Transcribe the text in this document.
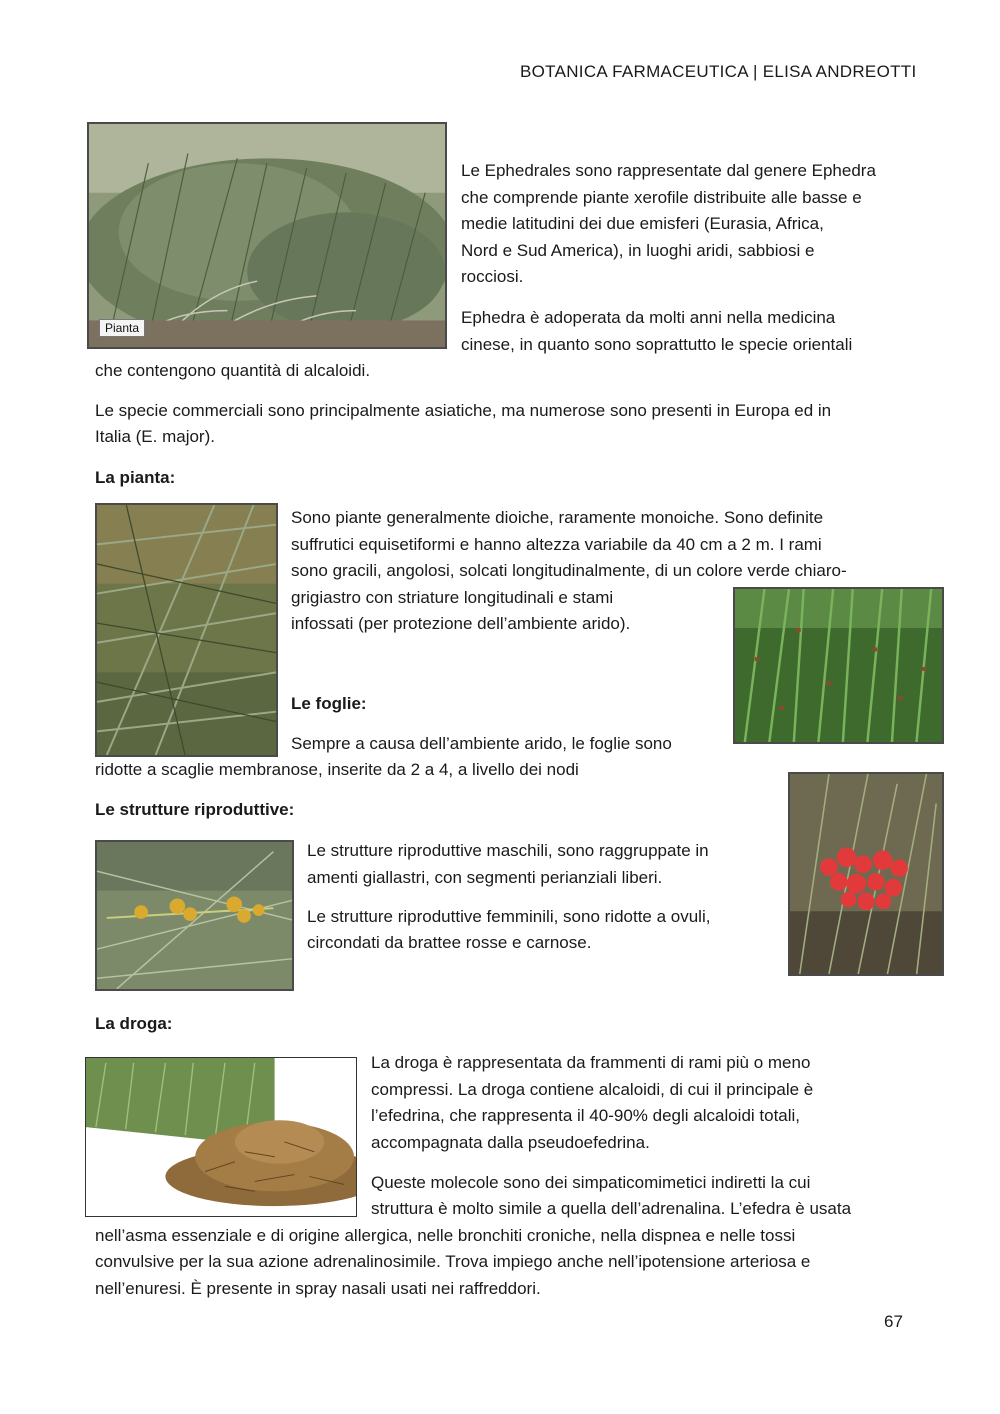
BOTANICA FARMACEUTICA | ELISA ANDREOTTI
Pianta
Le Ephedrales sono rappresentate dal genere Ephedra
che comprende piante xerofile distribuite alle basse e
medie latitudini dei due emisferi (Eurasia, Africa,
Nord e Sud America), in luoghi aridi, sabbiosi e
rocciosi.
Ephedra è adoperata da molti anni nella medicina
cinese, in quanto sono soprattutto le specie orientali
che contengono quantità di alcaloidi.
Le specie commerciali sono principalmente asiatiche, ma numerose sono presenti in Europa ed in
Italia (E. major).
La pianta:
Sono piante generalmente dioiche, raramente monoiche. Sono definite
suffrutici equisetiformi e hanno altezza variabile da 40 cm a 2 m. I rami
sono gracili, angolosi, solcati longitudinalmente, di un colore verde chiaro-
grigiastro con striature longitudinali e stami
infossati (per protezione dell’ambiente arido).
Le foglie:
Sempre a causa dell’ambiente arido, le foglie sono
ridotte a scaglie membranose, inserite da 2 a 4, a livello dei nodi
Le strutture riproduttive:
Le strutture riproduttive maschili, sono raggruppate in
amenti giallastri, con segmenti perianziali liberi.
Le strutture riproduttive femminili, sono ridotte a ovuli,
circondati da brattee rosse e carnose.
La droga:
La droga è rappresentata da frammenti di rami più o meno
compressi. La droga contiene alcaloidi, di cui il principale è
l’efedrina, che rappresenta il 40-90% degli alcaloidi totali,
accompagnata dalla pseudoefedrina.
Queste molecole sono dei simpaticomimetici indiretti la cui
struttura è molto simile a quella dell’adrenalina. L’efedra è usata
nell’asma essenziale e di origine allergica, nelle bronchiti croniche, nella dispnea e nelle tossi
convulsive per la sua azione adrenalinosimile. Trova impiego anche nell’ipotensione arteriosa e
nell’enuresi. È presente in spray nasali usati nei raffreddori.
67
